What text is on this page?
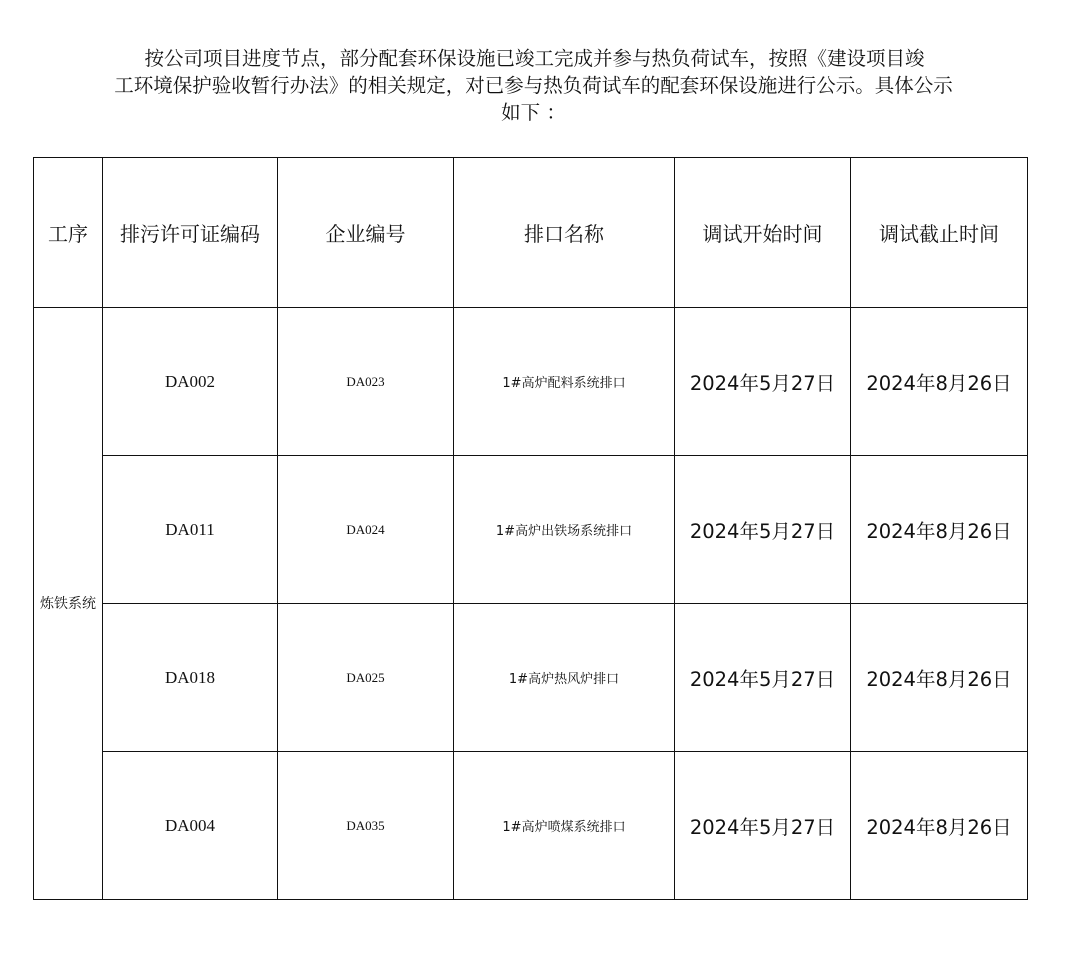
按公司项目进度节点，部分配套环保设施已竣工完成并参与热负荷试车，按照《建设项目竣
工环境保护验收暂行办法》的相关规定，对已参与热负荷试车的配套环保设施进行公示。具体公示
如下 ：
工序	排污许可证编码	企业编号	排口名称	调试开始时间	调试截止时间
炼铁系统	DA002	DA023	1#高炉配料系统排口	2024年5月27日	2024年8月26日
	DA011	DA024	1#高炉出铁场系统排口	2024年5月27日	2024年8月26日
	DA018	DA025	1#高炉热风炉排口	2024年5月27日	2024年8月26日
	DA004	DA035	1#高炉喷煤系统排口	2024年5月27日	2024年8月26日
